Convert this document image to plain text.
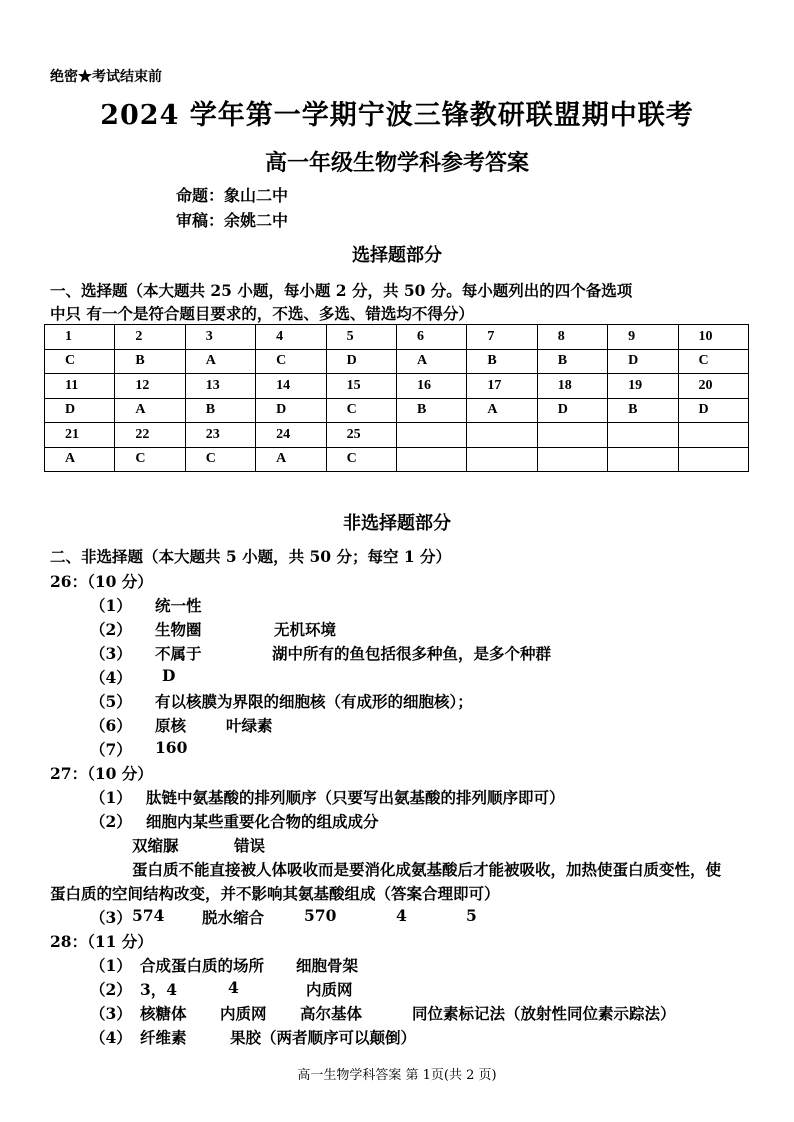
绝密★考试结束前
2024 学年第一学期宁波三锋教研联盟期中联考
高一年级生物学科参考答案
命题：象山二中
审稿：余姚二中
选择题部分
一、选择题（本大题共 25 小题，每小题 2 分，共 50 分。每小题列出的四个备选项
中只 有一个是符合题目要求的，不选、多选、错选均不得分）
1	2	3	4	5	6	7	8	9	10
C	B	A	C	D	A	B	B	D	C
11	12	13	14	15	16	17	18	19	20
D	A	B	D	C	B	A	D	B	D
21	22	23	24	25					
A	C	C	A	C					
非选择题部分
二、非选择题（本大题共 5 小题，共 50 分；每空 1 分）
26：（10 分）
（1） 统一性
（2） 生物圈	无机环境
（3） 不属于	湖中所有的鱼包括很多种鱼，是多个种群
（4） D
（5） 有以核膜为界限的细胞核（有成形的细胞核）；
（6） 原核	叶绿素
（7） 160
27：（10 分）
（1） 肽链中氨基酸的排列顺序（只要写出氨基酸的排列顺序即可）
（2） 细胞内某些重要化合物的组成成分
双缩脲	错误
蛋白质不能直接被人体吸收而是要消化成氨基酸后才能被吸收，加热使蛋白质变性，使
蛋白质的空间结构改变，并不影响其氨基酸组成（答案合理即可）
（3） 574 脱水缩合	570	4	5
28：（11 分）
（1） 合成蛋白质的场所 细胞骨架
（2） 3，4	4	内质网
（3） 核糖体 内质网 高尔基体	同位素标记法（放射性同位素示踪法）
（4） 纤维素	果胶（两者顺序可以颠倒）
高一生物学科答案 第 1页(共 2 页)
